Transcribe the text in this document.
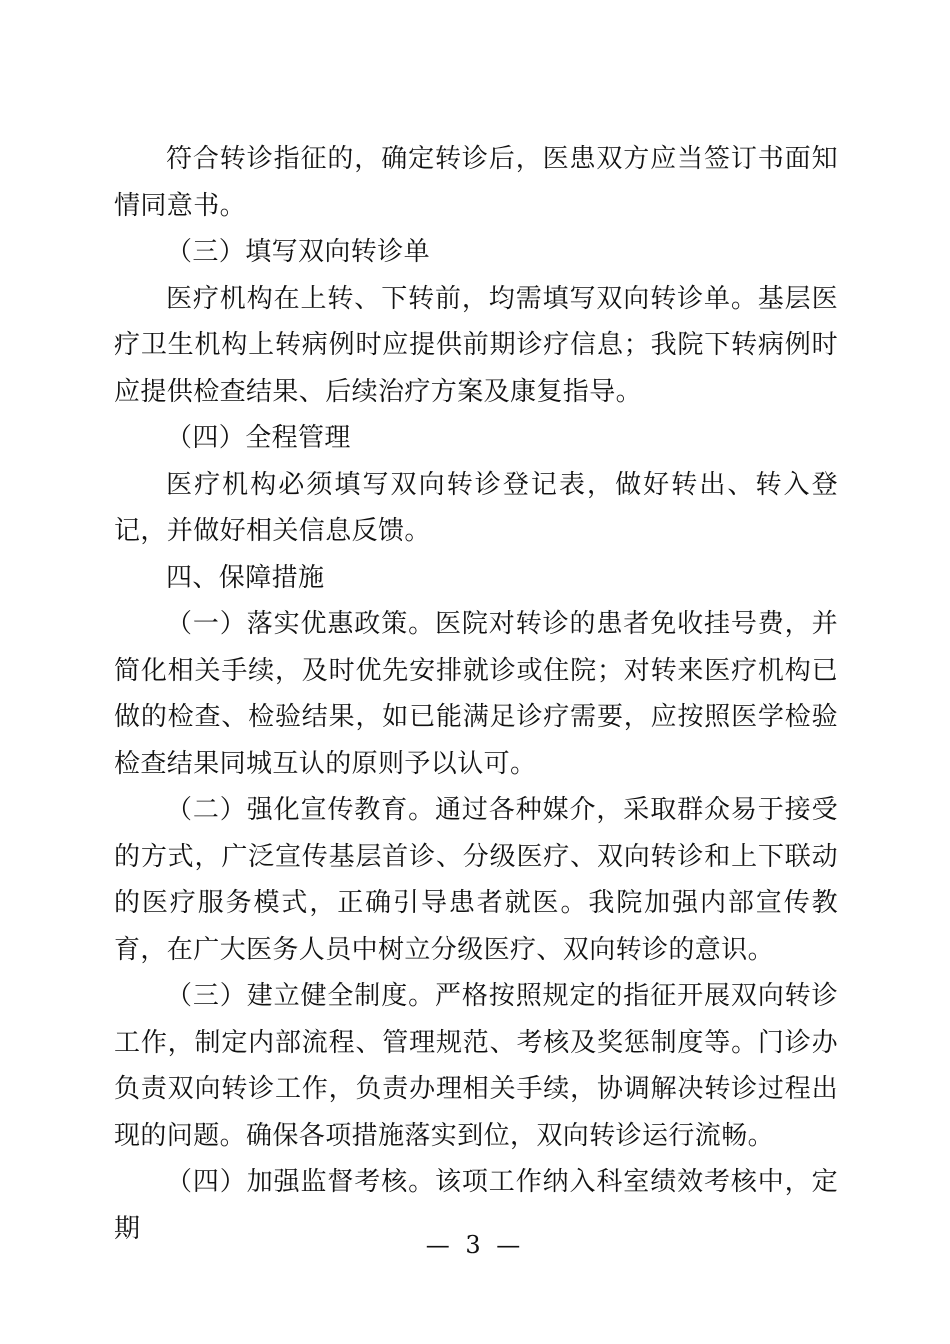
符合转诊指征的，确定转诊后，医患双方应当签订书面知情同意书。

（三）填写双向转诊单

医疗机构在上转、下转前，均需填写双向转诊单。基层医疗卫生机构上转病例时应提供前期诊疗信息；我院下转病例时应提供检查结果、后续治疗方案及康复指导。

（四）全程管理

医疗机构必须填写双向转诊登记表，做好转出、转入登记，并做好相关信息反馈。

四、保障措施

（一）落实优惠政策。医院对转诊的患者免收挂号费，并简化相关手续，及时优先安排就诊或住院；对转来医疗机构已做的检查、检验结果，如已能满足诊疗需要，应按照医学检验检查结果同城互认的原则予以认可。

（二）强化宣传教育。通过各种媒介，采取群众易于接受的方式，广泛宣传基层首诊、分级医疗、双向转诊和上下联动的医疗服务模式，正确引导患者就医。我院加强内部宣传教育，在广大医务人员中树立分级医疗、双向转诊的意识。

（三）建立健全制度。严格按照规定的指征开展双向转诊工作，制定内部流程、管理规范、考核及奖惩制度等。门诊办负责双向转诊工作，负责办理相关手续，协调解决转诊过程出现的问题。确保各项措施落实到位，双向转诊运行流畅。

（四）加强监督考核。该项工作纳入科室绩效考核中，定期

— 3 —
